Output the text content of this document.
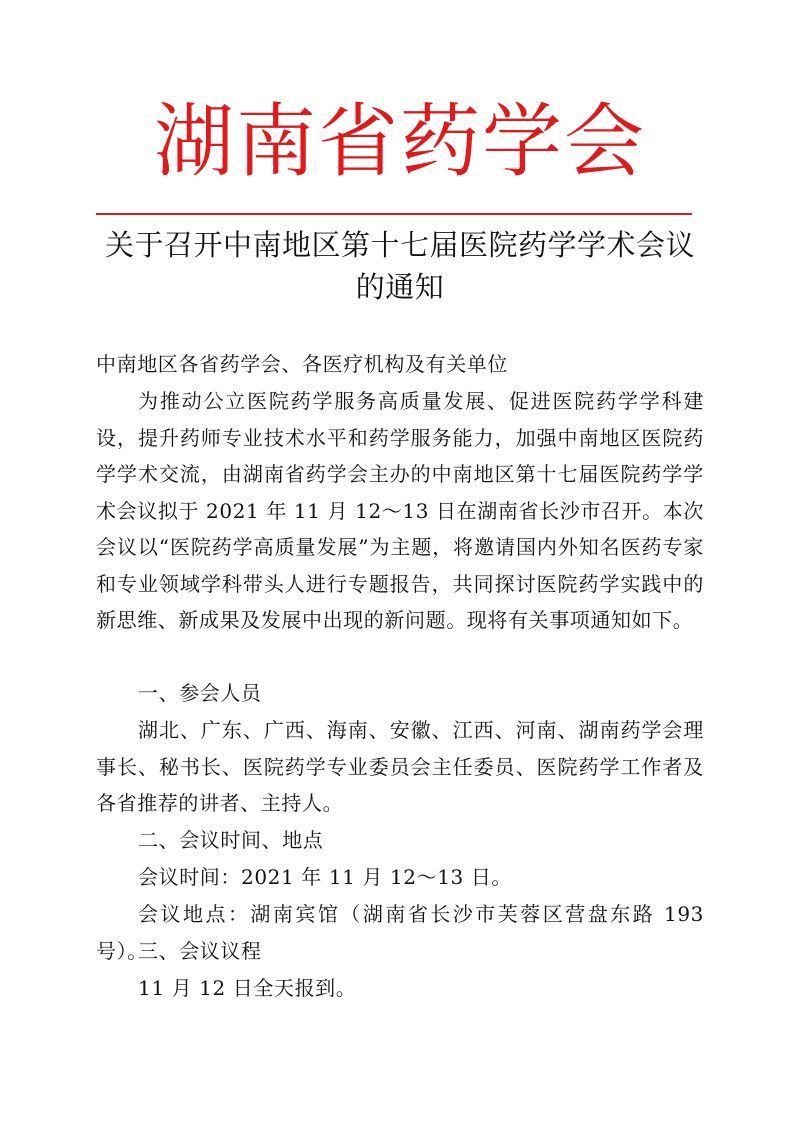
湖南省药学会
关于召开中南地区第十七届医院药学学术会议
的通知

中南地区各省药学会、各医疗机构及有关单位

为推动公立医院药学服务高质量发展、促进医院药学学科建设，提升药师专业技术水平和药学服务能力，加强中南地区医院药学学术交流，由湖南省药学会主办的中南地区第十七届医院药学学术会议拟于 2021 年 11 月 12～13 日在湖南省长沙市召开。本次会议以“医院药学高质量发展”为主题，将邀请国内外知名医药专家和专业领域学科带头人进行专题报告，共同探讨医院药学实践中的新思维、新成果及发展中出现的新问题。现将有关事项通知如下。

一、参会人员

湖北、广东、广西、海南、安徽、江西、河南、湖南药学会理事长、秘书长、医院药学专业委员会主任委员、医院药学工作者及各省推荐的讲者、主持人。

二、会议时间、地点

会议时间：2021 年 11 月 12～13 日。

会议地点：湖南宾馆（湖南省长沙市芙蓉区营盘东路 193 号）。

三、会议议程

11 月 12 日全天报到。
